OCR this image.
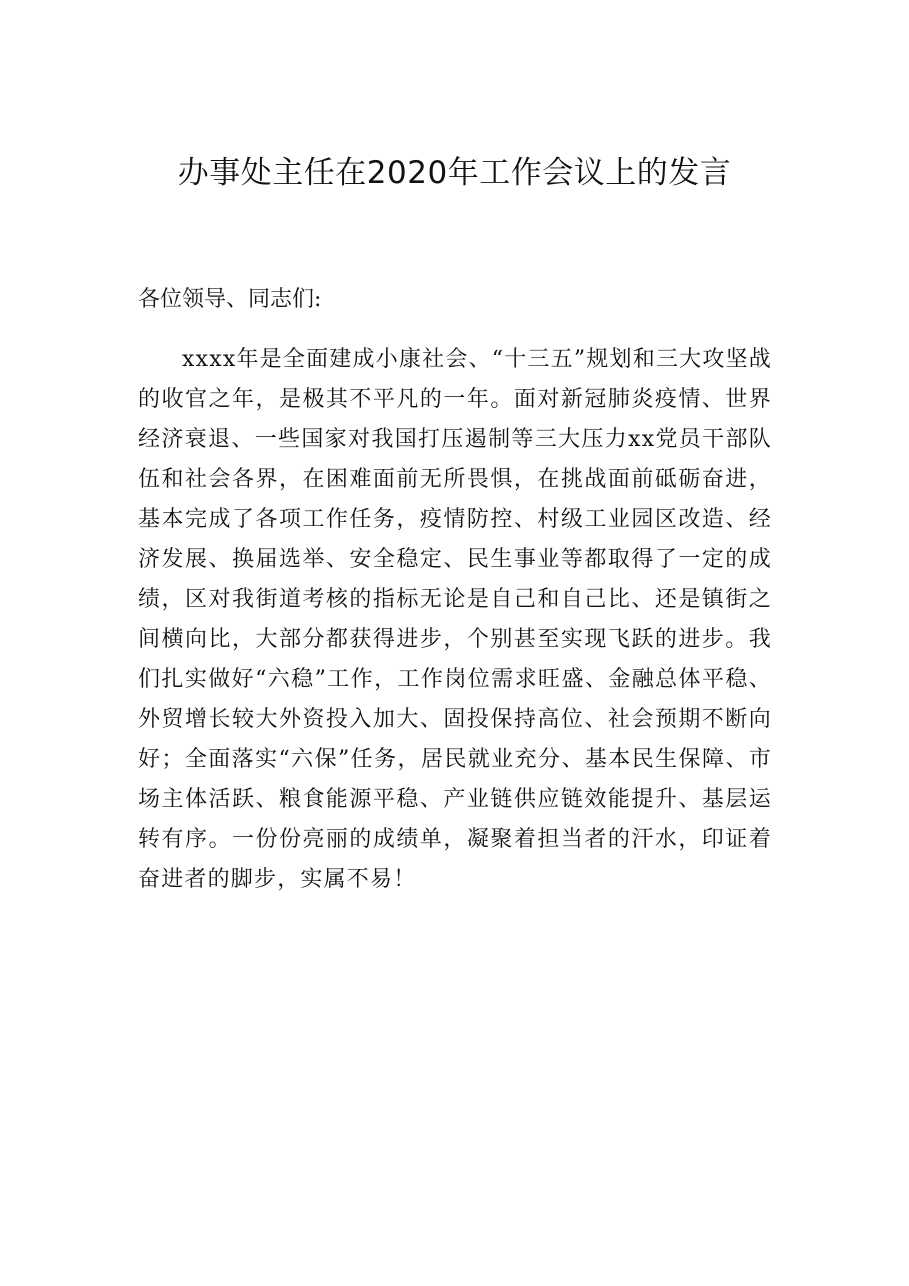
办事处主任在2020年工作会议上的发言
各位领导、同志们:

xxxx年是全面建成小康社会、“十三五”规划和三大攻坚战的收官之年，是极其不平凡的一年。面对新冠肺炎疫情、世界经济衰退、一些国家对我国打压遏制等三大压力xx党员干部队伍和社会各界，在困难面前无所畏惧，在挑战面前砥砺奋进，基本完成了各项工作任务，疫情防控、村级工业园区改造、经济发展、换届选举、安全稳定、民生事业等都取得了一定的成绩，区对我街道考核的指标无论是自己和自己比、还是镇街之间横向比，大部分都获得进步，个别甚至实现飞跃的进步。我们扎实做好“六稳”工作，工作岗位需求旺盛、金融总体平稳、外贸增长较大外资投入加大、固投保持高位、社会预期不断向好；全面落实“六保”任务，居民就业充分、基本民生保障、市场主体活跃、粮食能源平稳、产业链供应链效能提升、基层运转有序。一份份亮丽的成绩单，凝聚着担当者的汗水，印证着奋进者的脚步，实属不易！
